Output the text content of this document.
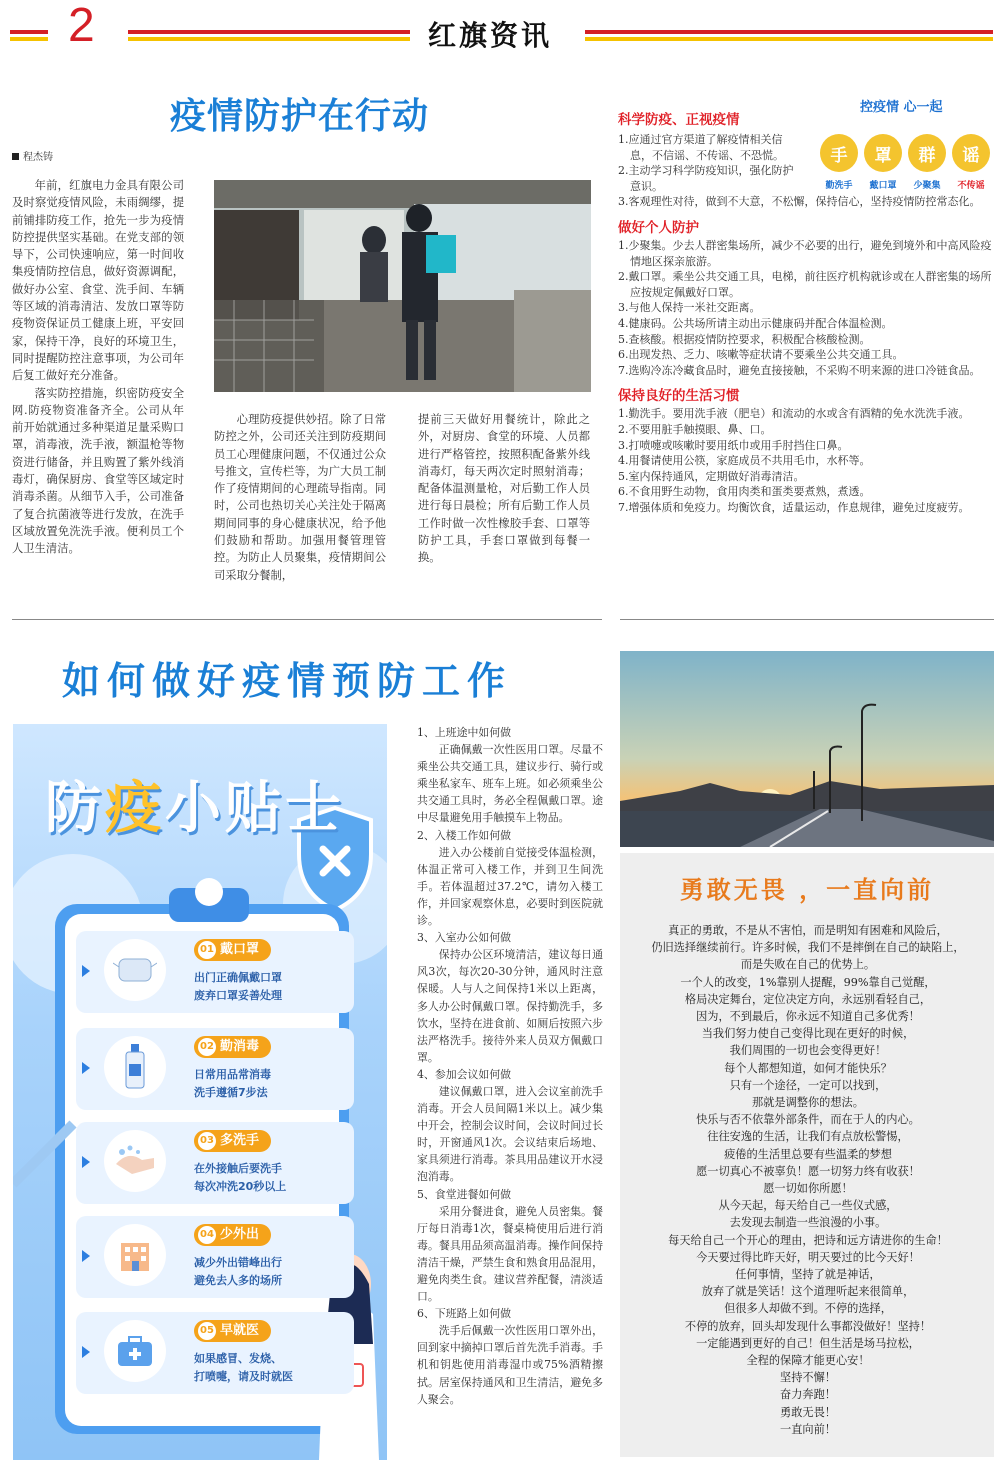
2	红旗资讯
疫情防护在行动
程杰铸

年前，红旗电力金具有限公司及时察觉疫情风险，未雨绸缪，提前铺排防疫工作，抢先一步为疫情防控提供坚实基础。在党支部的领导下，公司快速响应，第一时间收集疫情防控信息，做好资源调配，做好办公室、食堂、洗手间、车辆等区域的消毒清洁、发放口罩等防疫物资保证员工健康上班，平安回家，保持干净，良好的环境卫生，同时提醒防控注意事项，为公司年后复工做好充分准备。

落实防控措施，织密防疫安全网.防疫物资准备齐全。公司从年前开始就通过多种渠道足量采购口罩，消毒液，洗手液，额温枪等物资进行储备，并且购置了紫外线消毒灯，确保厨房、食堂等区域定时消毒杀菌。从细节入手，公司准备了复合抗菌液等进行发放，在洗手区域放置免洗洗手液。便利员工个人卫生清洁。

心理防疫提供妙招。除了日常防控之外，公司还关注到防疫期间员工心理健康问题，不仅通过公众号推文，宣传栏等，为广大员工制作了疫情期间的心理疏导指南。同时，公司也热切关心关注处于隔离期间同事的身心健康状况，给予他们鼓励和帮助。加强用餐管理管控。为防止人员聚集，疫情期间公司采取分餐制，

提前三天做好用餐统计，除此之外，对厨房、食堂的环境、人员都进行严格管控，按照积配备紫外线消毒灯，每天两次定时照射消毒；配备体温测量枪，对后勤工作人员进行每日晨检；所有后勤工作人员工作时做一次性橡胶手套、口罩等防护工具，手套口罩做到每餐一换。

科学防疫、正视疫情
1.应通过官方渠道了解疫情相关信息，不信谣、不传谣、不恐慌。
2.主动学习科学防疫知识，强化防护意识。
3.客观理性对待，做到不大意，不松懈，保持信心，坚持疫情防控常态化。
做好个人防护
1.少聚集。少去人群密集场所，减少不必要的出行，避免到境外和中高风险疫情地区探亲旅游。
2.戴口罩。乘坐公共交通工具，电梯，前往医疗机构就诊或在人群密集的场所应按规定佩戴好口罩。
3.与他人保持一米社交距离。
4.健康码。公共场所请主动出示健康码并配合体温检测。
5.查核酸。根据疫情防控要求，积极配合核酸检测。
6.出现发热、乏力、咳嗽等症状请不要乘坐公共交通工具。
7.选购冷冻冷藏食品时，避免直接接触，不采购不明来源的进口冷链食品。
保持良好的生活习惯
1.勤洗手。要用洗手液（肥皂）和流动的水或含有酒精的免水洗洗手液。
2.不要用脏手触摸眼、鼻、口。
3.打喷嚏或咳嗽时要用纸巾或用手肘挡住口鼻。
4.用餐请使用公筷，家庭成员不共用毛巾，水杯等。
5.室内保持通风，定期做好消毒清洁。
6.不食用野生动物，食用肉类和蛋类要煮熟，煮透。
7.增强体质和免疫力。均衡饮食，适量运动，作息规律，避免过度疲劳。
控疫情 心一起
手	罩	群	谣
勤洗手	戴口罩	少聚集	不传谣
如何做好疫情预防工作
防疫小贴士
01 戴口罩
出门正确佩戴口罩
废弃口罩妥善处理
02 勤消毒
日常用品常消毒
洗手遵循7步法
03 多洗手
在外接触后要洗手
每次冲洗20秒以上
04 少外出
减少外出错峰出行
避免去人多的场所
05 早就医
如果感冒、发烧、
打喷嚏，请及时就医
1、上班途中如何做
正确佩戴一次性医用口罩。尽量不乘坐公共交通工具，建议步行、骑行或乘坐私家车、班车上班。如必须乘坐公共交通工具时，务必全程佩戴口罩。途中尽量避免用手触摸车上物品。
2、入楼工作如何做
进入办公楼前自觉接受体温检测，体温正常可入楼工作，并到卫生间洗手。若体温超过37.2℃，请勿入楼工作，并回家观察休息，必要时到医院就诊。
3、入室办公如何做
保持办公区环境清洁，建议每日通风3次，每次20-30分钟，通风时注意保暖。人与人之间保持1米以上距离，多人办公时佩戴口罩。保持勤洗手，多饮水，坚持在进食前、如厕后按照六步法严格洗手。接待外来人员双方佩戴口罩。
4、参加会议如何做
建议佩戴口罩，进入会议室前洗手消毒。开会人员间隔1米以上。减少集中开会，控制会议时间，会议时间过长时，开窗通风1次。会议结束后场地、家具须进行消毒。茶具用品建议开水浸泡消毒。
5、食堂进餐如何做
采用分餐进食，避免人员密集。餐厅每日消毒1次，餐桌椅使用后进行消毒。餐具用品须高温消毒。操作间保持清洁干燥，严禁生食和熟食用品混用，避免肉类生食。建议营养配餐，清淡适口。
6、下班路上如何做
洗手后佩戴一次性医用口罩外出，回到家中摘掉口罩后首先洗手消毒。手机和钥匙使用消毒湿巾或75%酒精擦拭。居室保持通风和卫生清洁，避免多人聚会。
勇敢无畏 ，一直向前
真正的勇敢，不是从不害怕，而是明知有困难和风险后，
仍旧选择继续前行。许多时候，我们不是摔倒在自己的缺陷上，
而是失败在自己的优势上。
一个人的改变，1%靠别人提醒，99%靠自己觉醒，
格局决定舞台，定位决定方向，永远别看轻自己，
因为，不到最后，你永远不知道自己多优秀！
当我们努力使自己变得比现在更好的时候，
我们周围的一切也会变得更好！
每个人都想知道，如何才能快乐？
只有一个途径，一定可以找到，
那就是调整你的想法。
快乐与否不依靠外部条件，而在于人的内心。
往往安逸的生活，让我们有点放松警惕，
疲倦的生活里总要有些温柔的梦想
愿一切真心不被辜负！愿一切努力终有收获！
愿一切如你所愿！
从今天起，每天给自己一些仪式感，
去发现去制造一些浪漫的小事。
每天给自己一个开心的理由，把诗和远方请进你的生命！
今天要过得比昨天好，明天要过的比今天好！
任何事情，坚持了就是神话，
放弃了就是笑话！这个道理听起来很简单，
但很多人却做不到。不停的选择，
不停的放弃，回头却发现什么事都没做好！坚持！
一定能遇到更好的自己！但生活是场马拉松，
全程的保障才能更心安！
坚持不懈！
奋力奔跑！
勇敢无畏！
一直向前！
